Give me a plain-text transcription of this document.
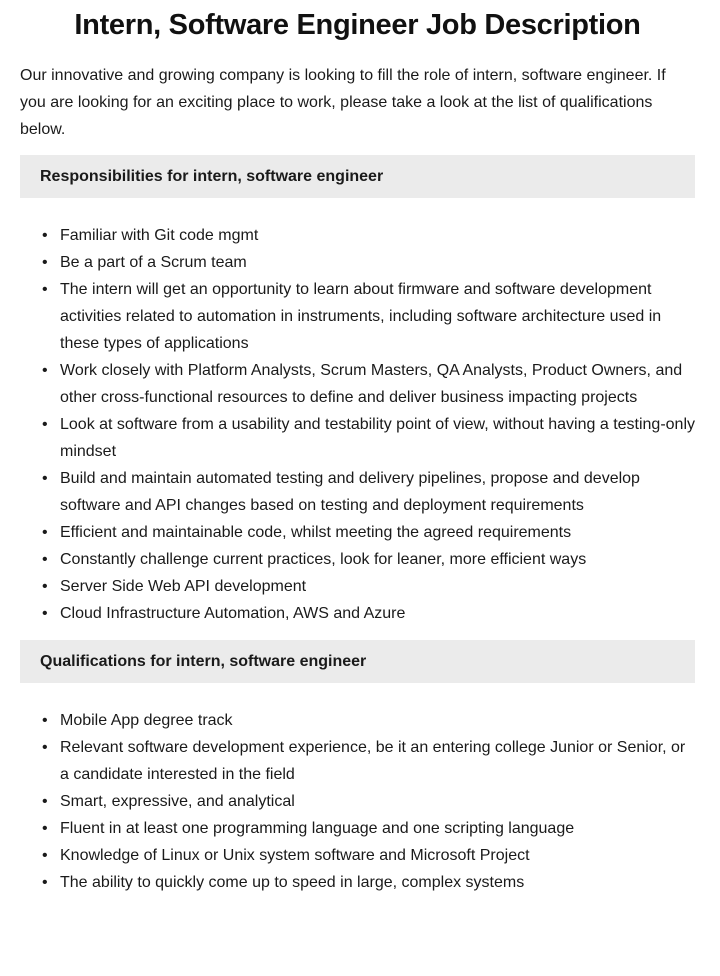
Intern, Software Engineer Job Description

Our innovative and growing company is looking to fill the role of intern, software engineer. If you are looking for an exciting place to work, please take a look at the list of qualifications below.

Responsibilities for intern, software engineer
• Familiar with Git code mgmt
• Be a part of a Scrum team
• The intern will get an opportunity to learn about firmware and software development activities related to automation in instruments, including software architecture used in these types of applications
• Work closely with Platform Analysts, Scrum Masters, QA Analysts, Product Owners, and other cross-functional resources to define and deliver business impacting projects
• Look at software from a usability and testability point of view, without having a testing-only mindset
• Build and maintain automated testing and delivery pipelines, propose and develop software and API changes based on testing and deployment requirements
• Efficient and maintainable code, whilst meeting the agreed requirements
• Constantly challenge current practices, look for leaner, more efficient ways
• Server Side Web API development
• Cloud Infrastructure Automation, AWS and Azure
Qualifications for intern, software engineer
• Mobile App degree track
• Relevant software development experience, be it an entering college Junior or Senior, or a candidate interested in the field
• Smart, expressive, and analytical
• Fluent in at least one programming language and one scripting language
• Knowledge of Linux or Unix system software and Microsoft Project
• The ability to quickly come up to speed in large, complex systems
